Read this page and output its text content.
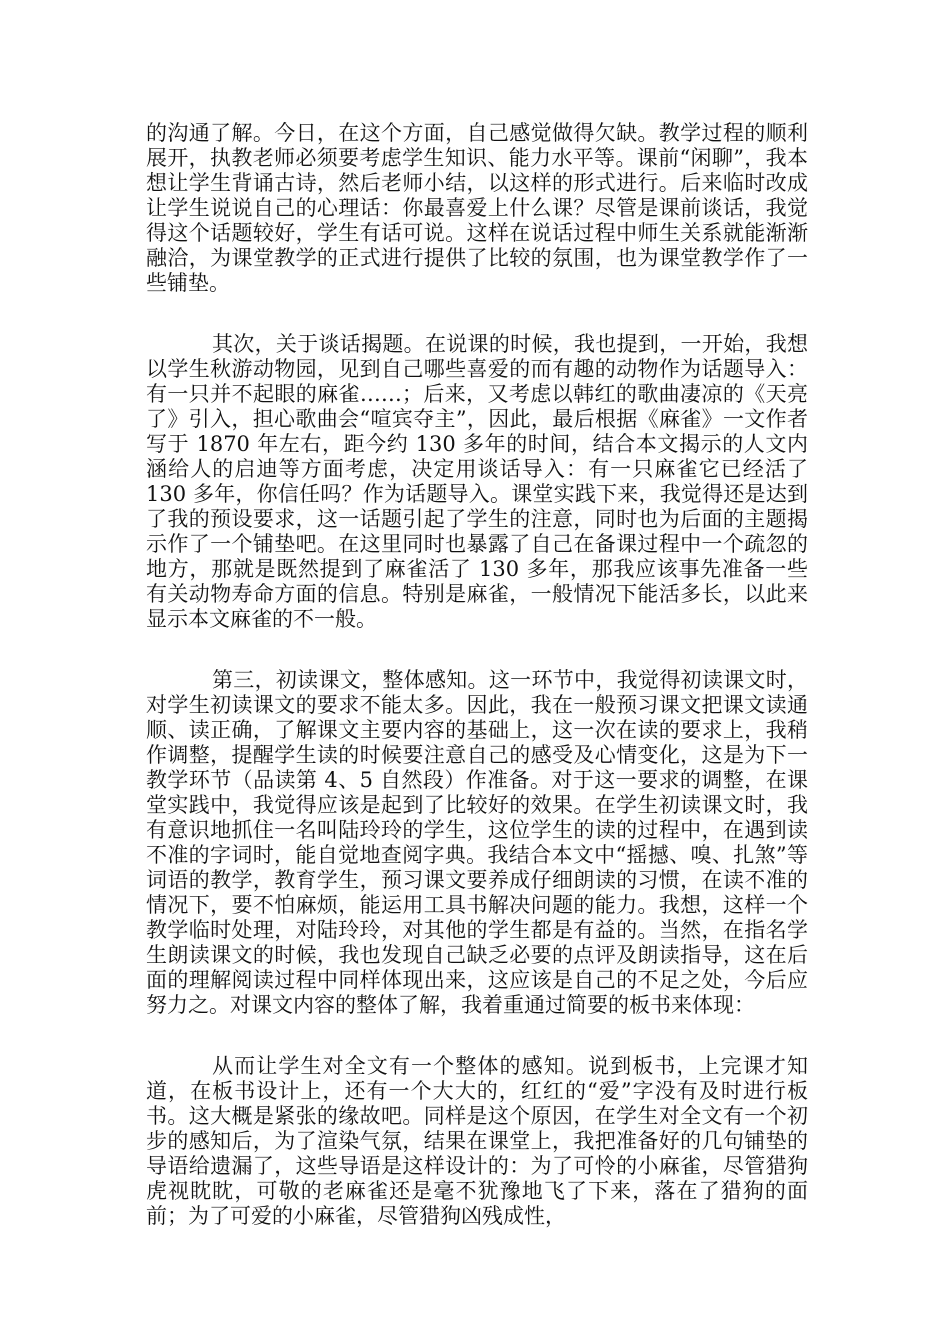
的沟通了解。今日，在这个方面，自己感觉做得欠缺。教学过程的顺利展开，执教老师必须要考虑学生知识、能力水平等。课前“闲聊”，我本想让学生背诵古诗，然后老师小结，以这样的形式进行。后来临时改成让学生说说自己的心理话：你最喜爱上什么课？尽管是课前谈话，我觉得这个话题较好，学生有话可说。这样在说话过程中师生关系就能渐渐融洽，为课堂教学的正式进行提供了比较的氛围，也为课堂教学作了一些铺垫。

其次，关于谈话揭题。在说课的时候，我也提到，一开始，我想以学生秋游动物园，见到自己哪些喜爱的而有趣的动物作为话题导入：有一只并不起眼的麻雀……；后来，又考虑以韩红的歌曲凄凉的《天亮了》引入，担心歌曲会“喧宾夺主”，因此，最后根据《麻雀》一文作者写于 1870 年左右，距今约 130 多年的时间，结合本文揭示的人文内涵给人的启迪等方面考虑，决定用谈话导入：有一只麻雀它已经活了 130 多年，你信任吗？作为话题导入。课堂实践下来，我觉得还是达到了我的预设要求，这一话题引起了学生的注意，同时也为后面的主题揭示作了一个铺垫吧。在这里同时也暴露了自己在备课过程中一个疏忽的地方，那就是既然提到了麻雀活了 130 多年，那我应该事先准备一些有关动物寿命方面的信息。特别是麻雀，一般情况下能活多长，以此来显示本文麻雀的不一般。

第三，初读课文，整体感知。这一环节中，我觉得初读课文时，对学生初读课文的要求不能太多。因此，我在一般预习课文把课文读通顺、读正确，了解课文主要内容的基础上，这一次在读的要求上，我稍作调整，提醒学生读的时候要注意自己的感受及心情变化，这是为下一教学环节（品读第 4、5 自然段）作准备。对于这一要求的调整，在课堂实践中，我觉得应该是起到了比较好的效果。在学生初读课文时，我有意识地抓住一名叫陆玲玲的学生，这位学生的读的过程中，在遇到读不准的字词时，能自觉地查阅字典。我结合本文中“摇撼、嗅、扎煞”等词语的教学，教育学生，预习课文要养成仔细朗读的习惯，在读不准的情况下，要不怕麻烦，能运用工具书解决问题的能力。我想，这样一个教学临时处理，对陆玲玲，对其他的学生都是有益的。当然，在指名学生朗读课文的时候，我也发现自己缺乏必要的点评及朗读指导，这在后面的理解阅读过程中同样体现出来，这应该是自己的不足之处，今后应努力之。对课文内容的整体了解，我着重通过简要的板书来体现：

从而让学生对全文有一个整体的感知。说到板书，上完课才知道，在板书设计上，还有一个大大的，红红的“爱”字没有及时进行板书。这大概是紧张的缘故吧。同样是这个原因，在学生对全文有一个初步的感知后，为了渲染气氛，结果在课堂上，我把准备好的几句铺垫的导语给遗漏了，这些导语是这样设计的：为了可怜的小麻雀，尽管猎狗虎视眈眈，可敬的老麻雀还是毫不犹豫地飞了下来，落在了猎狗的面前；为了可爱的小麻雀，尽管猎狗凶残成性，
